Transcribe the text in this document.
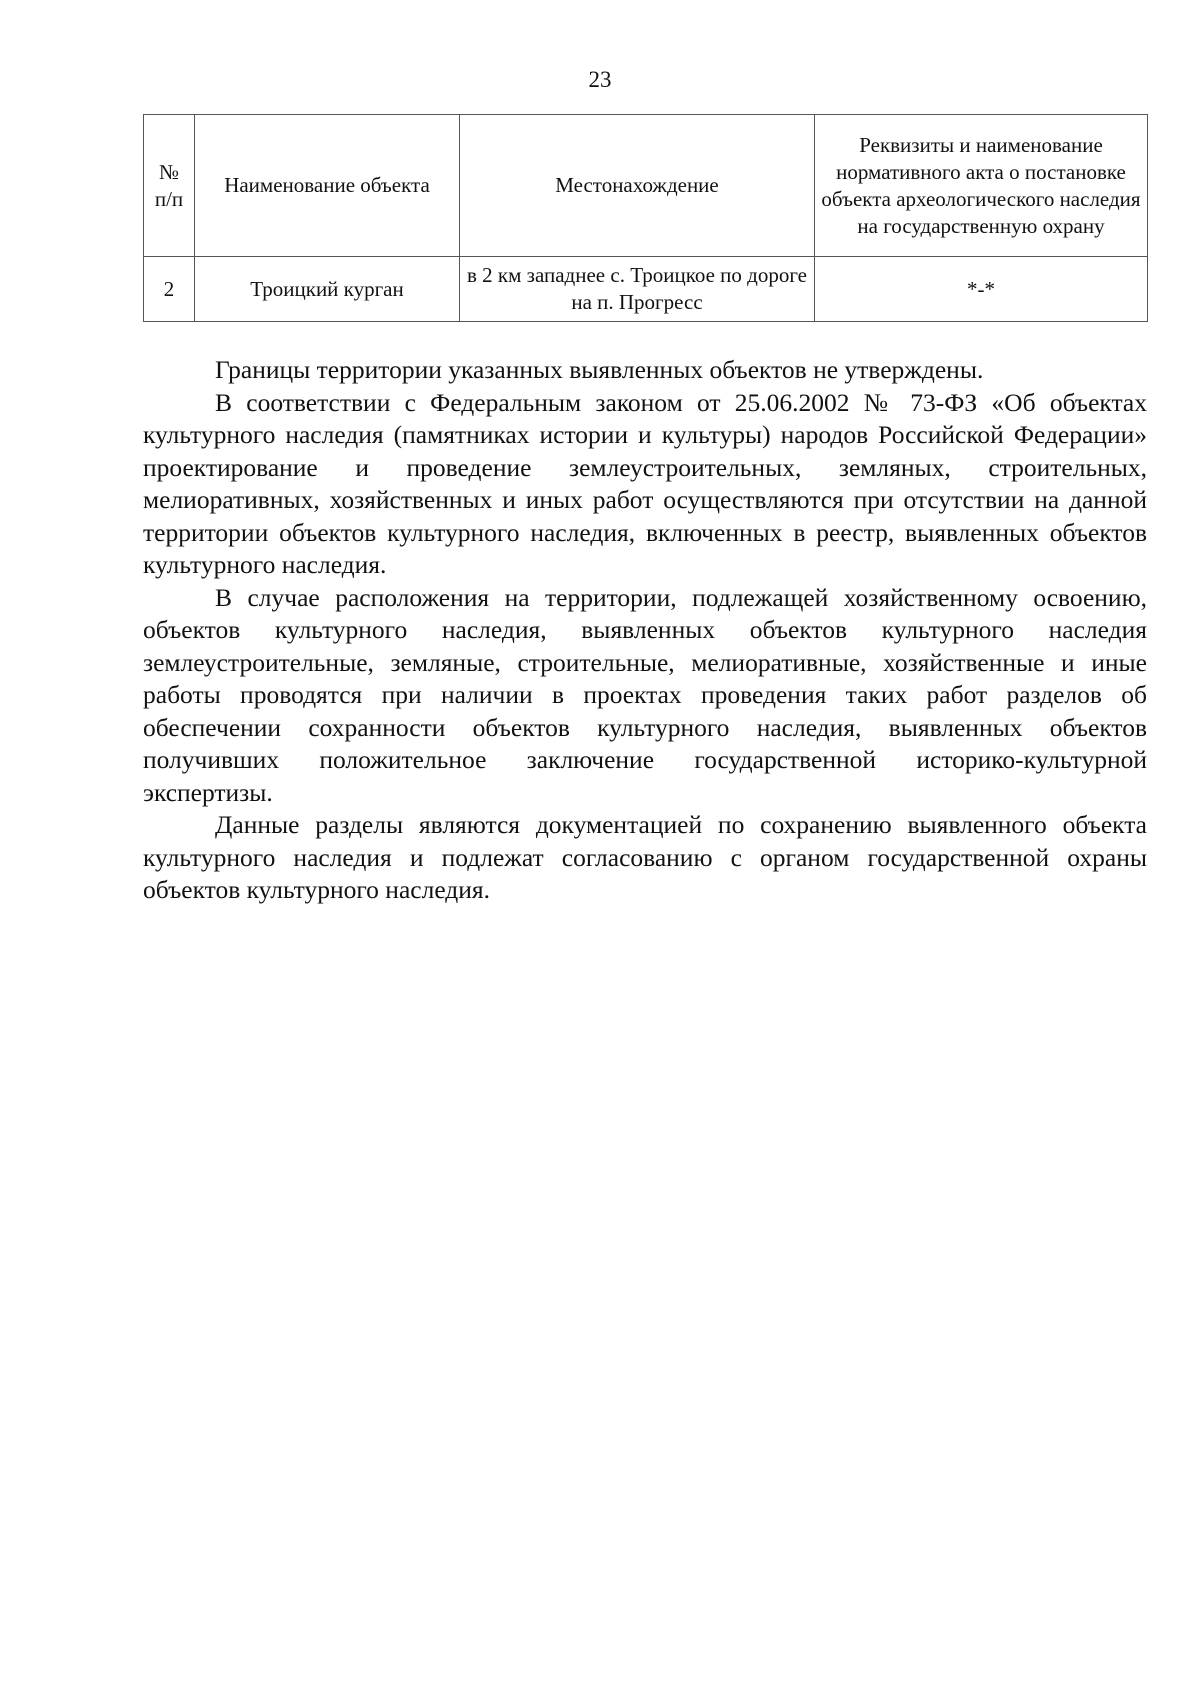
23
№ п/п	Наименование объекта	Местонахождение	Реквизиты и наименование нормативного акта о постановке объекта археологического наследия на государственную охрану
2	Троицкий курган	в 2 км западнее с. Троицкое по дороге на п. Прогресс	*-*

Границы территории указанных выявленных объектов не утверждены.

В соответствии с Федеральным законом от 25.06.2002 № 73-ФЗ «Об объектах культурного наследия (памятниках истории и культуры) народов Российской Федерации» проектирование и проведение землеустроительных, земляных, строительных, мелиоративных, хозяйственных и иных работ осуществляются при отсутствии на данной территории объектов культурного наследия, включенных в реестр, выявленных объектов культурного наследия.

В случае расположения на территории, подлежащей хозяйственному освоению, объектов культурного наследия, выявленных объектов культурного наследия землеустроительные, земляные, строительные, мелиоративные, хозяйственные и иные работы проводятся при наличии в проектах проведения таких работ разделов об обеспечении сохранности объектов культурного наследия, выявленных объектов получивших положительное заключение государственной историко-культурной экспертизы.

Данные разделы являются документацией по сохранению выявленного объекта культурного наследия и подлежат согласованию с органом государственной охраны объектов культурного наследия.
